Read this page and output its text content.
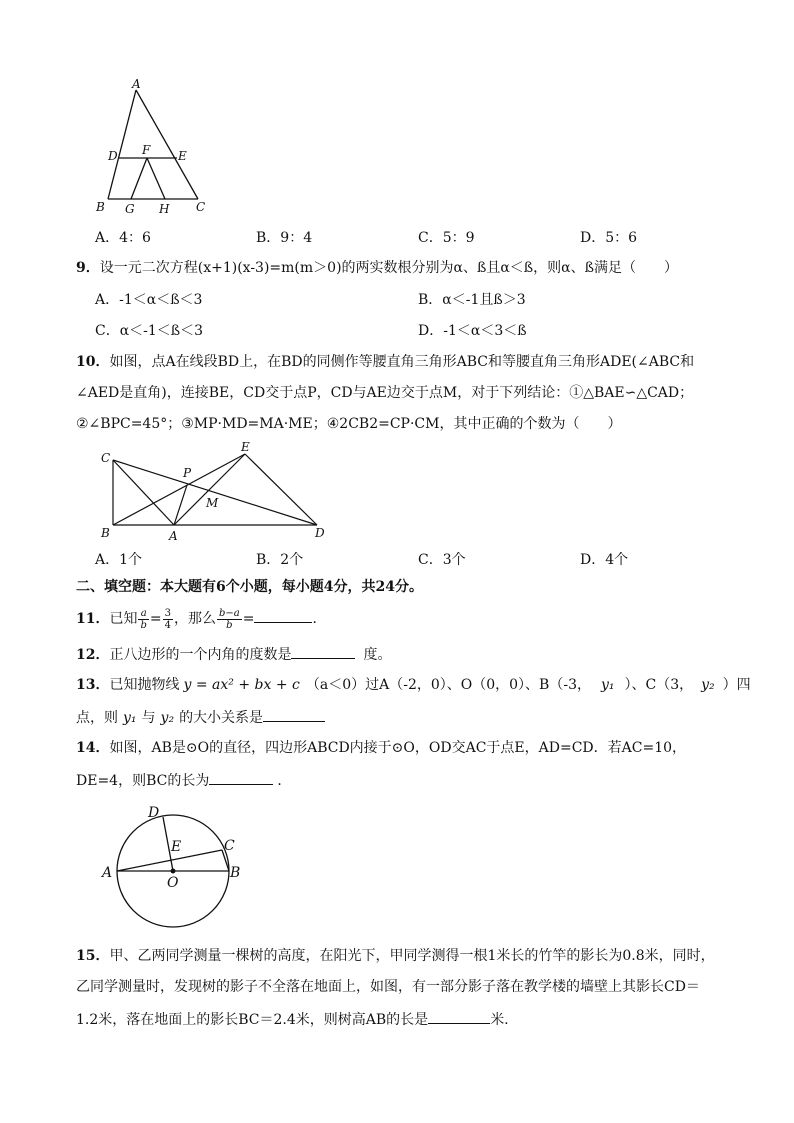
A
D F E
B G H C
A．4：6	B．9：4	C．5：9	D．5：6
9．设一元二次方程(x+1)(x-3)=m(m＞0)的两实数根分别为α、ß且α＜ß，则α、ß满足（　　）
A．-1＜α＜ß＜3	B．α＜-1且ß＞3
C．α＜-1＜ß＜3	D．-1＜α＜3＜ß
10．如图，点A在线段BD上，在BD的同侧作等腰直角三角形ABC和等腰直角三角形ADE(∠ABC和
∠AED是直角)，连接BE，CD交于点P，CD与AE边交于点M，对于下列结论：①△BAE∽△CAD；
②∠BPC=45°；③MP·MD=MA·ME；④2CB2=CP·CM，其中正确的个数为（　　）
C
P
E
M
B	A	D
A．1个	B．2个	C．3个	D．4个
二、填空题：本大题有6个小题，每小题4分，共24分。
11．已知 $\frac{a}{b} = \frac{3}{4}$ ，那么 $\frac{b-a}{b}$ =	．
12．正八边形的一个内角的度数是	度。
13．已知抛物线 y = ax² + bx + c （a＜0）过A（-2，0）、O（0，0）、B（-3， y₁ ）、C（3， y₂ ）四
点，则 y₁ 与 y₂ 的大小关系是
14．如图，AB是⊙O的直径，四边形ABCD内接于⊙O，OD交AC于点E，AD=CD．若AC=10，
DE=4，则BC的长为	．
D
E	C
A
O
B
15．甲、乙两同学测量一棵树的高度，在阳光下，甲同学测得一根1米长的竹竿的影长为0.8米，同时，
乙同学测量时，发现树的影子不全落在地面上，如图，有一部分影子落在教学楼的墙壁上其影长CD＝
1.2米，落在地面上的影长BC＝2.4米，则树高AB的长是	米.
